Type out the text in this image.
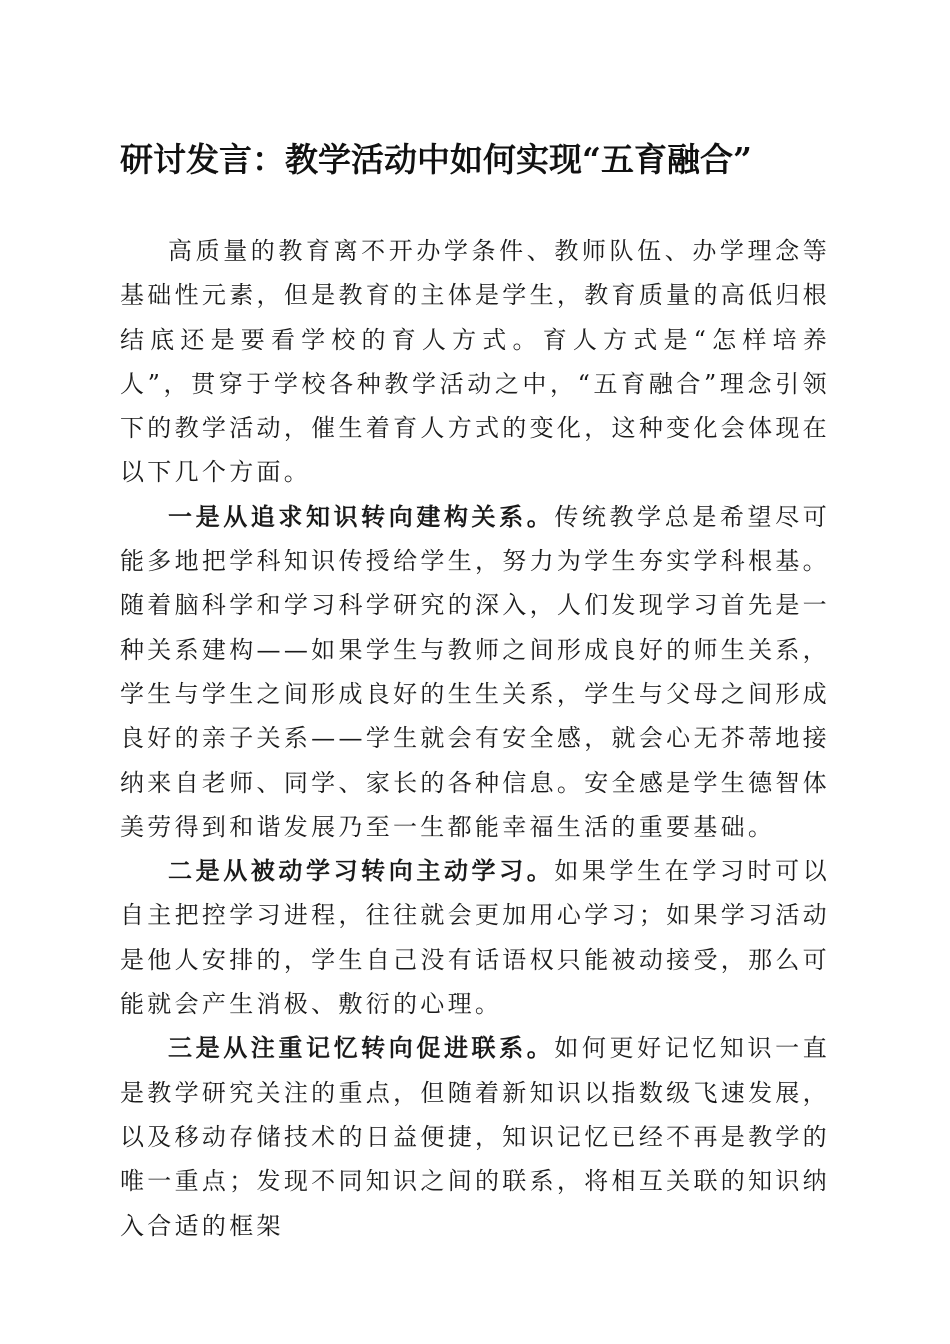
研讨发言：教学活动中如何实现“五育融合”

高质量的教育离不开办学条件、教师队伍、办学理念等基础性元素，但是教育的主体是学生，教育质量的高低归根结底还是要看学校的育人方式。育人方式是“怎样培养人”，贯穿于学校各种教学活动之中，“五育融合”理念引领下的教学活动，催生着育人方式的变化，这种变化会体现在以下几个方面。

一是从追求知识转向建构关系。传统教学总是希望尽可能多地把学科知识传授给学生，努力为学生夯实学科根基。随着脑科学和学习科学研究的深入，人们发现学习首先是一种关系建构——如果学生与教师之间形成良好的师生关系，学生与学生之间形成良好的生生关系，学生与父母之间形成良好的亲子关系——学生就会有安全感，就会心无芥蒂地接纳来自老师、同学、家长的各种信息。安全感是学生德智体美劳得到和谐发展乃至一生都能幸福生活的重要基础。

二是从被动学习转向主动学习。如果学生在学习时可以自主把控学习进程，往往就会更加用心学习；如果学习活动是他人安排的，学生自己没有话语权只能被动接受，那么可能就会产生消极、敷衍的心理。

三是从注重记忆转向促进联系。如何更好记忆知识一直是教学研究关注的重点，但随着新知识以指数级飞速发展，以及移动存储技术的日益便捷，知识记忆已经不再是教学的唯一重点；发现不同知识之间的联系，将相互关联的知识纳入合适的框架
